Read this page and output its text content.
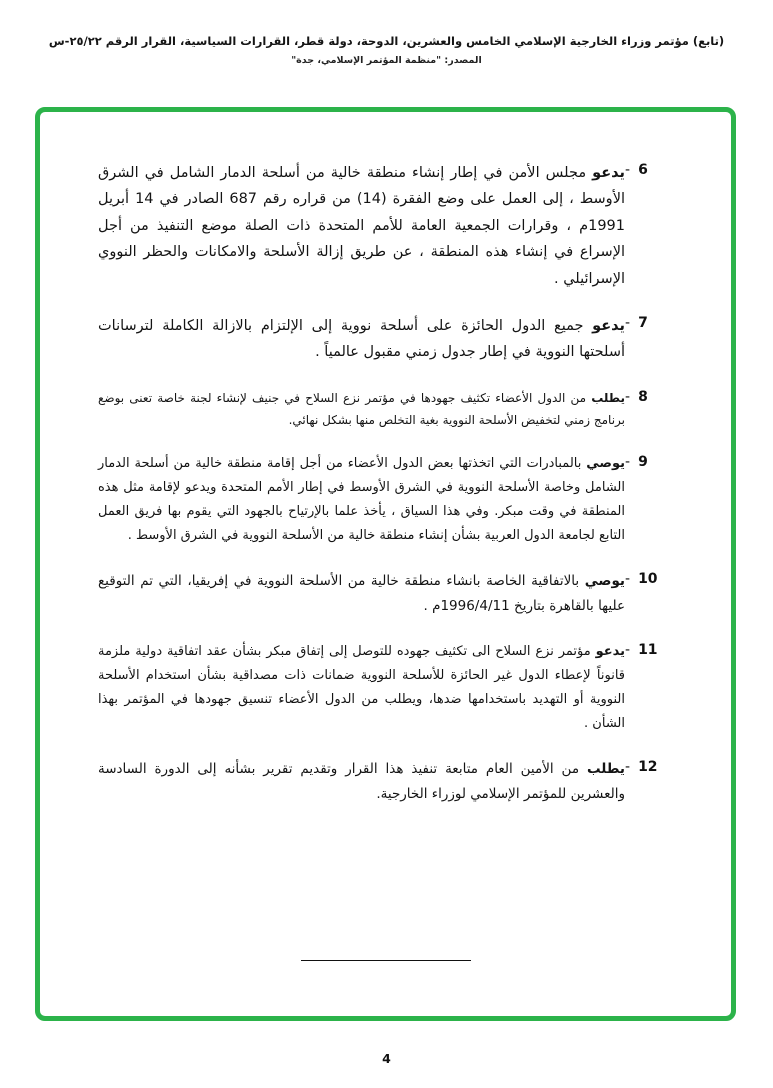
(تابع) مؤتمر وزراء الخارجية الإسلامي الخامس والعشرين، الدوحة، دولة قطر، القرارات السياسية، القرار الرقم ٢٥/٢٢-س
المصدر: "منظمة المؤتمر الإسلامي، جدة"
- 6
يدعو مجلس الأمن في إطار إنشاء منطقة خالية من أسلحة الدمار الشامل في الشرق الأوسط ، إلى العمل على وضع الفقرة (14) من قراره رقم 687 الصادر في 14 أبريل 1991م ، وقرارات الجمعية العامة للأمم المتحدة ذات الصلة موضع التنفيذ من أجل الإسراع في إنشاء هذه المنطقة ، عن طريق إزالة الأسلحة والامكانات والحظر النووي الإسرائيلي .
- 7
يدعو جميع الدول الحائزة على أسلحة نووية إلى الإلتزام بالازالة الكاملة لترسانات أسلحتها النووية في إطار جدول زمني مقبول عالمياً .
- 8
يطلب من الدول الأعضاء تكثيف جهودها في مؤتمر نزع السلاح في جنيف لإنشاء لجنة خاصة تعنى بوضع برنامج زمني لتخفيض الأسلحة النووية بغية التخلص منها بشكل نهائي.
- 9
يوصي بالمبادرات التي اتخذتها بعض الدول الأعضاء من أجل إقامة منطقة خالية من أسلحة الدمار الشامل وخاصة الأسلحة النووية في الشرق الأوسط في إطار الأمم المتحدة ويدعو لإقامة مثل هذه المنطقة في وقت مبكر. وفي هذا السياق ، يأخذ علما بالإرتياح بالجهود التي يقوم بها فريق العمل التابع لجامعة الدول العربية بشأن إنشاء منطقة خالية من الأسلحة النووية في الشرق الأوسط .
- 10
يوصي بالاتفاقية الخاصة بانشاء منطقة خالية من الأسلحة النووية في إفريقيا، التي تم التوقيع عليها بالقاهرة بتاريخ 1996/4/11م .
- 11
يدعو مؤتمر نزع السلاح الى تكثيف جهوده للتوصل إلى إتفاق مبكر بشأن عقد اتفاقية دولية ملزمة قانوناً لإعطاء الدول غير الحائزة للأسلحة النووية ضمانات ذات مصداقية بشأن استخدام الأسلحة النووية أو التهديد باستخدامها ضدها، ويطلب من الدول الأعضاء تنسيق جهودها في المؤتمر بهذا الشأن .
- 12
يطلب من الأمين العام متابعة تنفيذ هذا القرار وتقديم تقرير بشأنه إلى الدورة السادسة والعشرين للمؤتمر الإسلامي لوزراء الخارجية.
4
